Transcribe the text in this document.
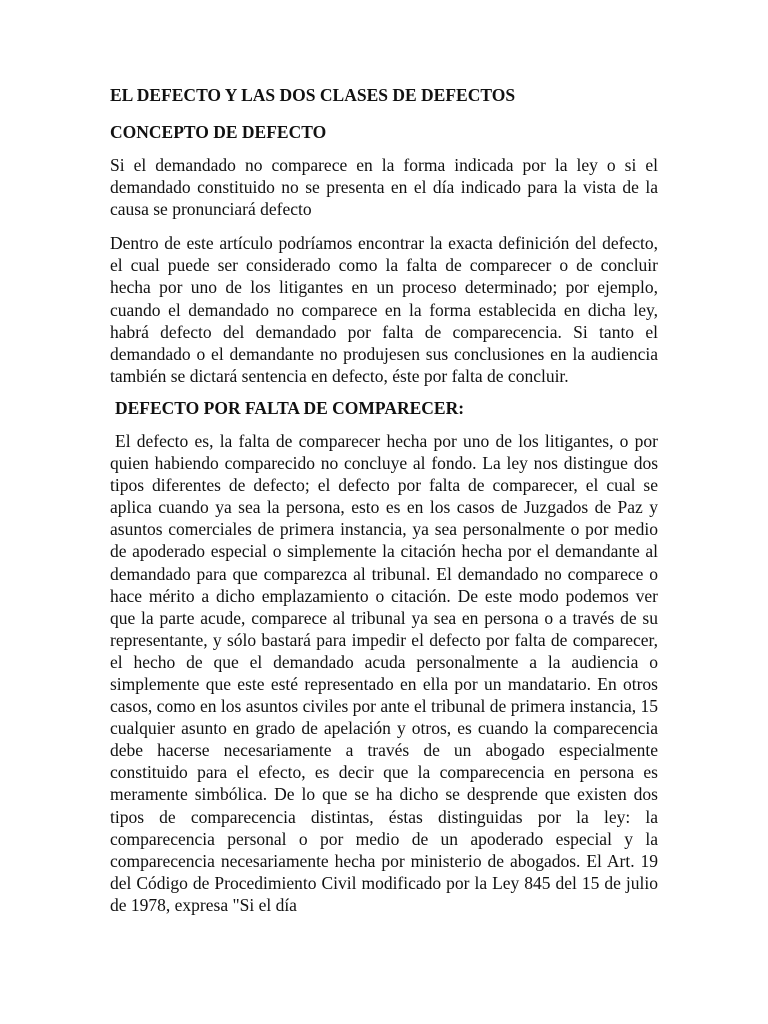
EL DEFECTO Y LAS DOS CLASES DE DEFECTOS
CONCEPTO DE DEFECTO

Si el demandado no comparece en la forma indicada por la ley o si el demandado constituido no se presenta en el día indicado para la vista de la causa se pronunciará defecto

Dentro de este artículo podríamos encontrar la exacta definición del defecto, el cual puede ser considerado como la falta de comparecer o de concluir hecha por uno de los litigantes en un proceso determinado; por ejemplo, cuando el demandado no comparece en la forma establecida en dicha ley, habrá defecto del demandado por falta de comparecencia. Si tanto el demandado o el demandante no produjesen sus conclusiones en la audiencia también se dictará sentencia en defecto, éste por falta de concluir.

DEFECTO POR FALTA DE COMPARECER:

El defecto es, la falta de comparecer hecha por uno de los litigantes, o por quien habiendo comparecido no concluye al fondo. La ley nos distingue dos tipos diferentes de defecto; el defecto por falta de comparecer, el cual se aplica cuando ya sea la persona, esto es en los casos de Juzgados de Paz y asuntos comerciales de primera instancia, ya sea personalmente o por medio de apoderado especial o simplemente la citación hecha por el demandante al demandado para que comparezca al tribunal. El demandado no comparece o hace mérito a dicho emplazamiento o citación. De este modo podemos ver que la parte acude, comparece al tribunal ya sea en persona o a través de su representante, y sólo bastará para impedir el defecto por falta de comparecer, el hecho de que el demandado acuda personalmente a la audiencia o simplemente que este esté representado en ella por un mandatario. En otros casos, como en los asuntos civiles por ante el tribunal de primera instancia, 15 cualquier asunto en grado de apelación y otros, es cuando la comparecencia debe hacerse necesariamente a través de un abogado especialmente constituido para el efecto, es decir que la comparecencia en persona es meramente simbólica. De lo que se ha dicho se desprende que existen dos tipos de comparecencia distintas, éstas distinguidas por la ley: la comparecencia personal o por medio de un apoderado especial y la comparecencia necesariamente hecha por ministerio de abogados. El Art. 19 del Código de Procedimiento Civil modificado por la Ley 845 del 15 de julio de 1978, expresa "Si el día
